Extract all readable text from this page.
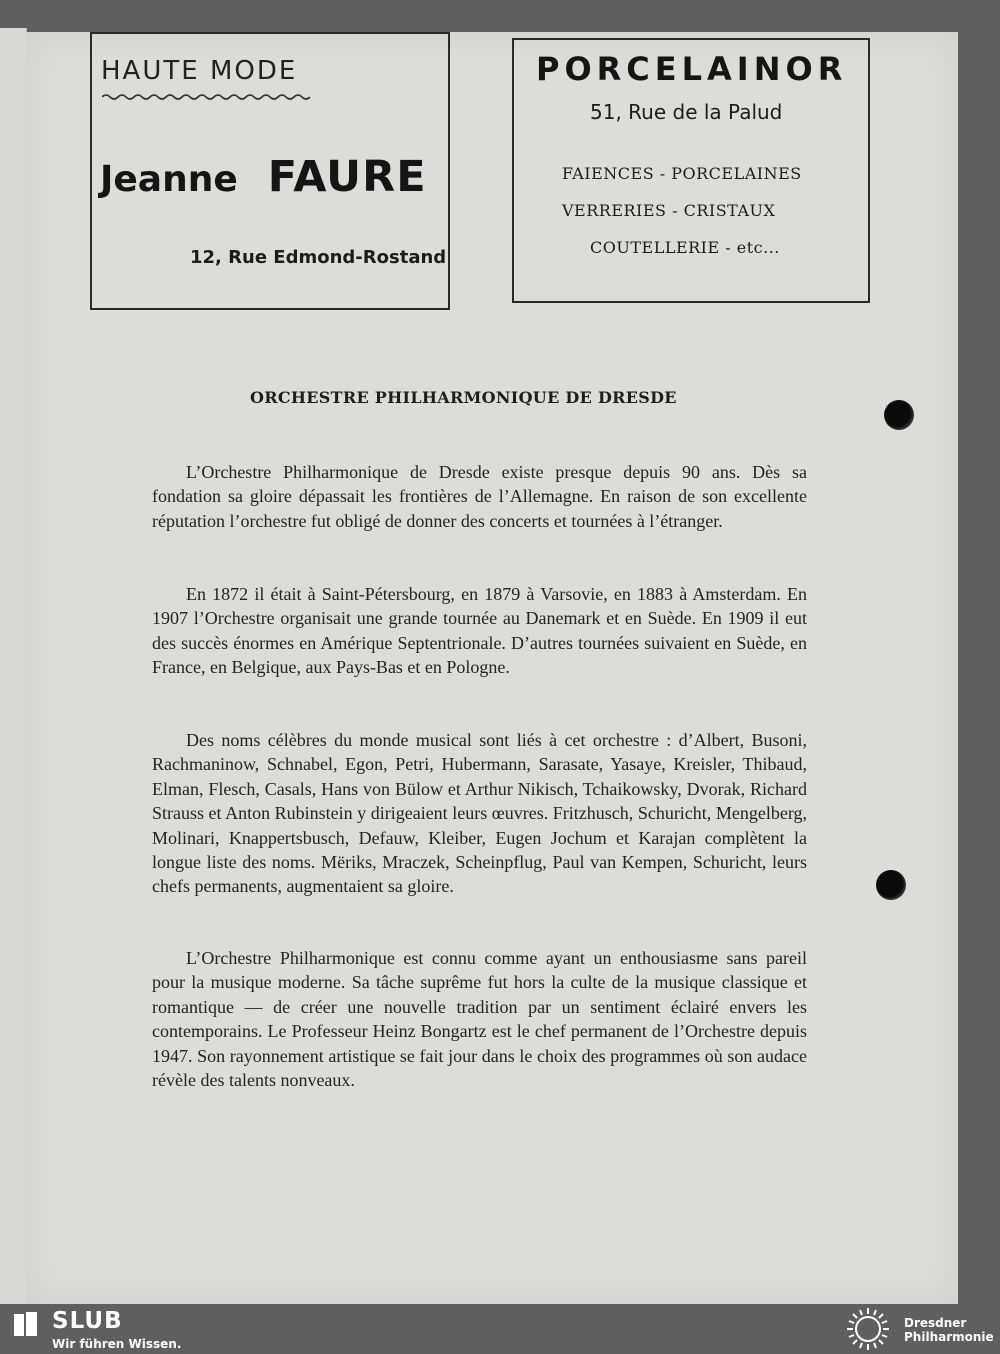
HAUTE MODE
Jeanne FAURE
12, Rue Edmond-Rostand
PORCELAINOR
51, Rue de la Palud
FAIENCES - PORCELAINES
VERRERIES - CRISTAUX
COUTELLERIE - etc...
ORCHESTRE PHILHARMONIQUE DE DRESDE

L’Orchestre Philharmonique de Dresde existe presque depuis 90 ans. Dès sa fondation sa gloire dépassait les frontières de l’Allemagne. En raison de son excellente réputation l’orchestre fut obligé de donner des concerts et tournées à l’étranger.

En 1872 il était à Saint-Pétersbourg, en 1879 à Varsovie, en 1883 à Amsterdam. En 1907 l’Orchestre organisait une grande tournée au Danemark et en Suède. En 1909 il eut des succès énormes en Amérique Septentrionale. D’autres tournées suivaient en Suède, en France, en Belgique, aux Pays-Bas et en Pologne.

Des noms célèbres du monde musical sont liés à cet orchestre : d’Albert, Busoni, Rachmaninow, Schnabel, Egon, Petri, Hubermann, Sarasate, Yasaye, Kreisler, Thibaud, Elman, Flesch, Casals, Hans von Bülow et Arthur Nikisch, Tchaikowsky, Dvorak, Richard Strauss et Anton Rubinstein y dirigeaient leurs œuvres. Fritzhusch, Schuricht, Mengelberg, Molinari, Knappertsbusch, Defauw, Kleiber, Eugen Jochum et Karajan complètent la longue liste des noms. Mëriks, Mraczek, Scheinpflug, Paul van Kempen, Schuricht, leurs chefs permanents, augmentaient sa gloire.

L’Orchestre Philharmonique est connu comme ayant un enthousiasme sans pareil pour la musique moderne. Sa tâche suprême fut hors la culte de la musique classique et romantique — de créer une nouvelle tradition par un sentiment éclairé envers les contemporains. Le Professeur Heinz Bongartz est le chef permanent de l’Orchestre depuis 1947. Son rayonnement artistique se fait jour dans le choix des programmes où son audace révèle des talents nonveaux.

SLUB
Wir führen Wissen.
Dresdner
Philharmonie
